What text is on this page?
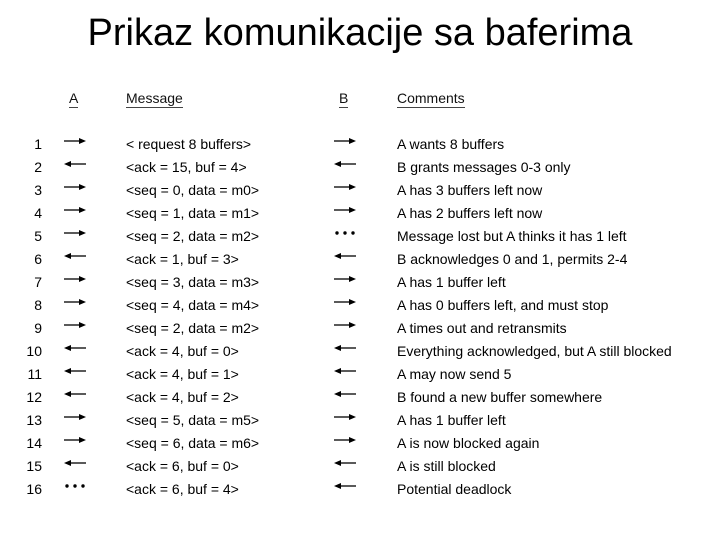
Prikaz komunikacije sa baferima
A	Message	B	Comments
1	< request 8 buffers>	A wants 8 buffers
2	<ack = 15, buf = 4>	B grants messages 0-3 only
3	<seq = 0, data = m0>	A has 3 buffers left now
4	<seq = 1, data = m1>	A has 2 buffers left now
5	<seq = 2, data = m2>	Message lost but A thinks it has 1 left
6	<ack = 1, buf = 3>	B acknowledges 0 and 1, permits 2-4
7	<seq = 3, data = m3>	A has 1 buffer left
8	<seq = 4, data = m4>	A has 0 buffers left, and must stop
9	<seq = 2, data = m2>	A times out and retransmits
10	<ack = 4, buf = 0>	Everything acknowledged, but A still blocked
11	<ack = 4, buf = 1>	A may now send 5
12	<ack = 4, buf = 2>	B found a new buffer somewhere
13	<seq = 5, data = m5>	A has 1 buffer left
14	<seq = 6, data = m6>	A is now blocked again
15	<ack = 6, buf = 0>	A is still blocked
16	<ack = 6, buf = 4>	Potential deadlock
